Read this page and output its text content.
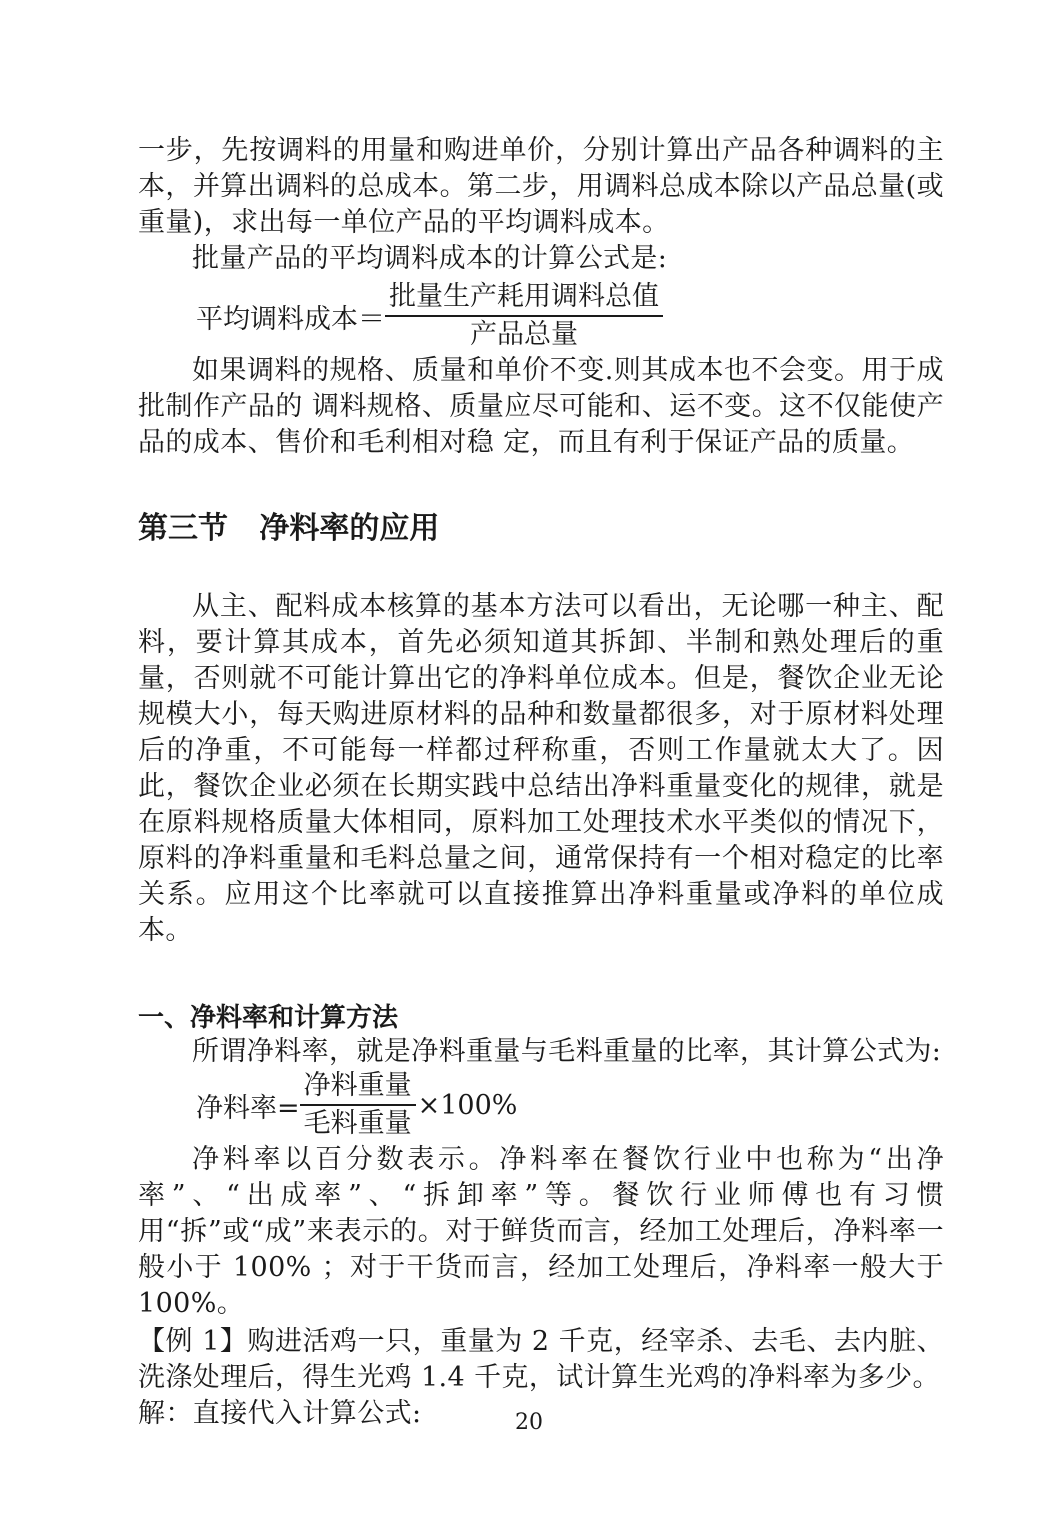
一步，先按调料的用量和购进单价，分别计算出产品各种调料的主本，并算出调料的总成本。第二步，用调料总成本除以产品总量(或重量)，求出每一单位产品的平均调料成本。

批量产品的平均调料成本的计算公式是:

平均调料成本＝ $\frac{\text{批量生产耗用调料总值}}{\text{产品总量}}$

如果调料的规格、质量和单价不变.则其成本也不会变。用于成批制作产品的 调料规格、质量应尽可能和、运不变。这不仅能使产品的成本、售价和毛利相对稳 定，而且有利于保证产品的质量。

第三节   净料率的应用

从主、配料成本核算的基本方法可以看出，无论哪一种主、配料，要计算其成本，首先必须知道其拆卸、半制和熟处理后的重量，否则就不可能计算出它的净料单位成本。但是，餐饮企业无论规模大小，每天购进原材料的品种和数量都很多，对于原材料处理后的净重，不可能每一样都过秤称重，否则工作量就太大了。因此，餐饮企业必须在长期实践中总结出净料重量变化的规律，就是在原料规格质量大体相同，原料加工处理技术水平类似的情况下，原料的净料重量和毛料总量之间，通常保持有一个相对稳定的比率关系。应用这个比率就可以直接推算出净料重量或净料的单位成本。

一、净料率和计算方法

所谓净料率，就是净料重量与毛料重量的比率，其计算公式为:

净料率= $\frac{\text{净料重量}}{\text{毛料重量}} \times 100\%$

净料率以百分数表示。净料率在餐饮行业中也称为“出净率”、“出成率”、“拆卸率”等。餐饮行业师傅也有习惯用“拆”或“成”来表示的。对于鲜货而言，经加工处理后，净料率一般小于 100% ；对于干货而言，经加工处理后，净料率一般大于 100%。

【例 1】购进活鸡一只，重量为 2 千克，经宰杀、去毛、去内脏、洗涤处理后，得生光鸡 1.4 千克，试计算生光鸡的净料率为多少。

解：直接代入计算公式:	20
